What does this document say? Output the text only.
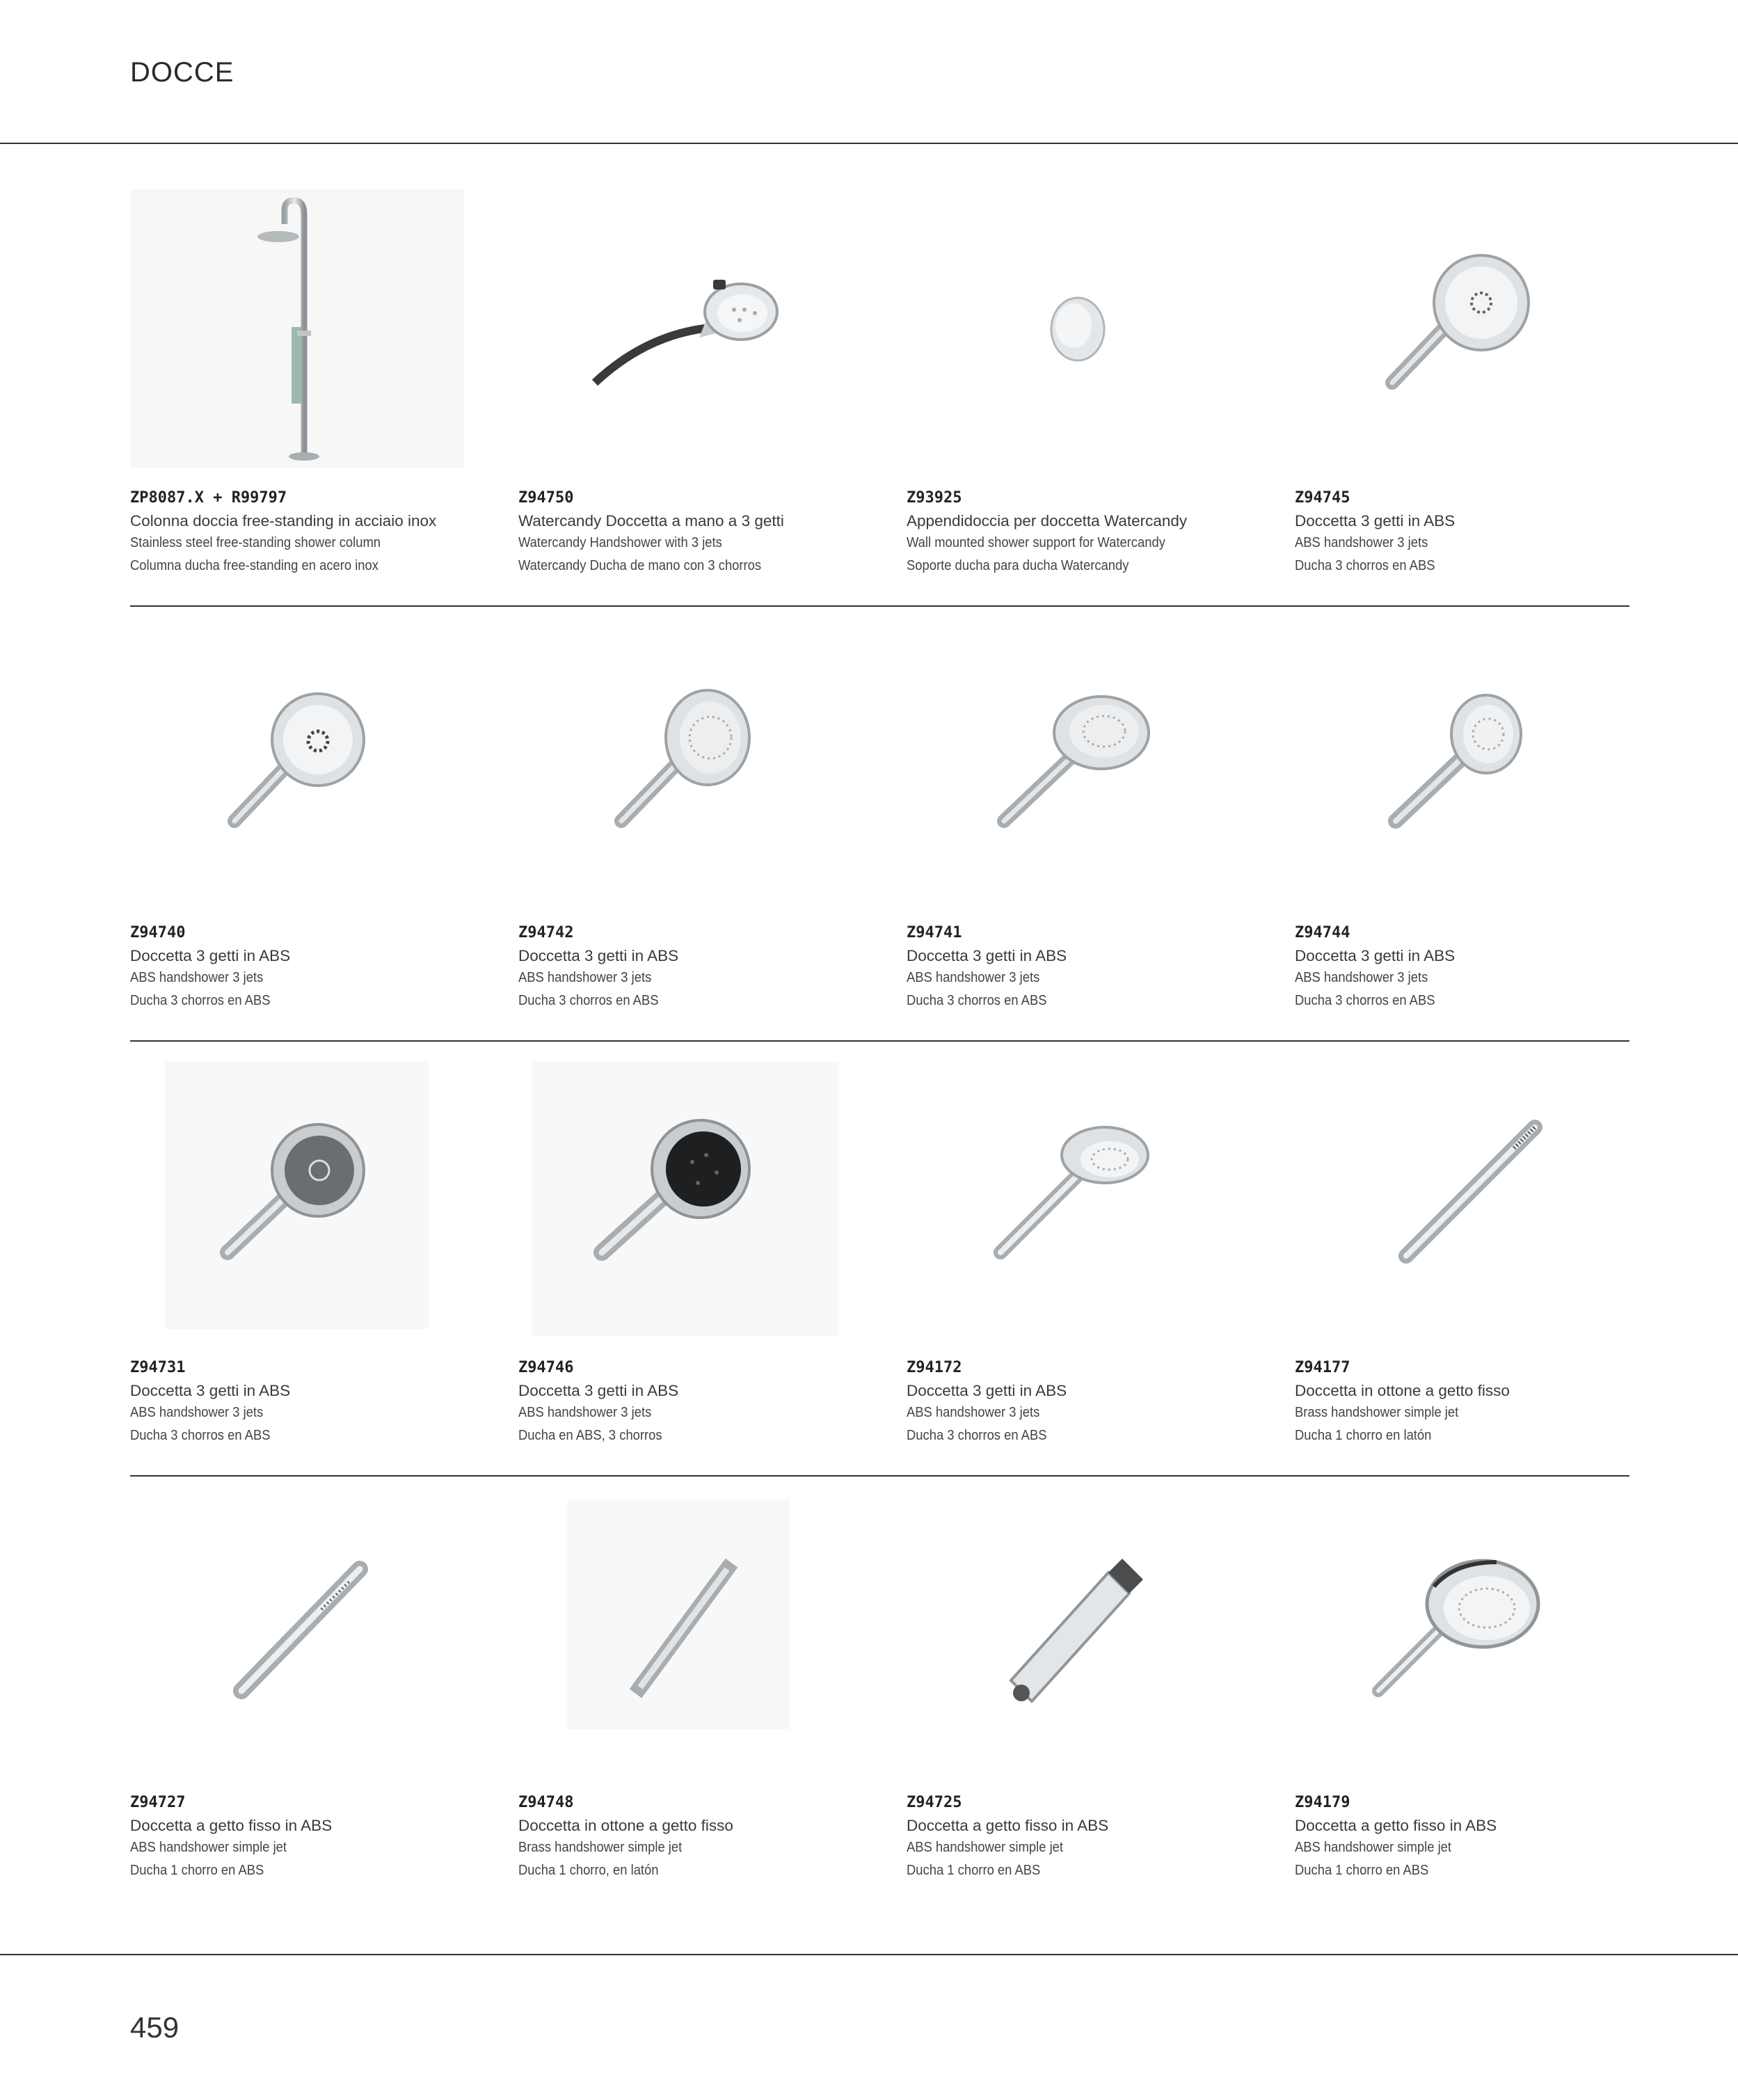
DOCCE
ZP8087.X + R99797
Colonna doccia free-standing in acciaio inox
Stainless steel free-standing shower column
Columna ducha free-standing en acero inox
Z94750
Watercandy Doccetta a mano a 3 getti
Watercandy Handshower with 3 jets
Watercandy Ducha de mano con 3 chorros
Z93925
Appendidoccia per doccetta Watercandy
Wall mounted shower support for Watercandy
Soporte ducha para ducha Watercandy
Z94745
Doccetta 3 getti in ABS
ABS handshower 3 jets
Ducha 3 chorros en ABS
Z94740
Doccetta 3 getti in ABS
ABS handshower 3 jets
Ducha 3 chorros en ABS
Z94742
Doccetta 3 getti in ABS
ABS handshower 3 jets
Ducha 3 chorros en ABS
Z94741
Doccetta 3 getti in ABS
ABS handshower 3 jets
Ducha 3 chorros en ABS
Z94744
Doccetta 3 getti in ABS
ABS handshower 3 jets
Ducha 3 chorros en ABS
Z94731
Doccetta 3 getti in ABS
ABS handshower 3 jets
Ducha 3 chorros en ABS
Z94746
Doccetta 3 getti in ABS
ABS handshower 3 jets
Ducha en ABS, 3 chorros
Z94172
Doccetta 3 getti in ABS
ABS handshower 3 jets
Ducha 3 chorros en ABS
Z94177
Doccetta in ottone a getto fisso
Brass handshower simple jet
Ducha 1 chorro en latón
Z94727
Doccetta a getto fisso in ABS
ABS handshower simple jet
Ducha 1 chorro en ABS
Z94748
Doccetta in ottone a getto fisso
Brass handshower simple jet
Ducha 1 chorro, en latón
Z94725
Doccetta a getto fisso in ABS
ABS handshower simple jet
Ducha 1 chorro en ABS
Z94179
Doccetta a getto fisso in ABS
ABS handshower simple jet
Ducha 1 chorro en ABS
459
